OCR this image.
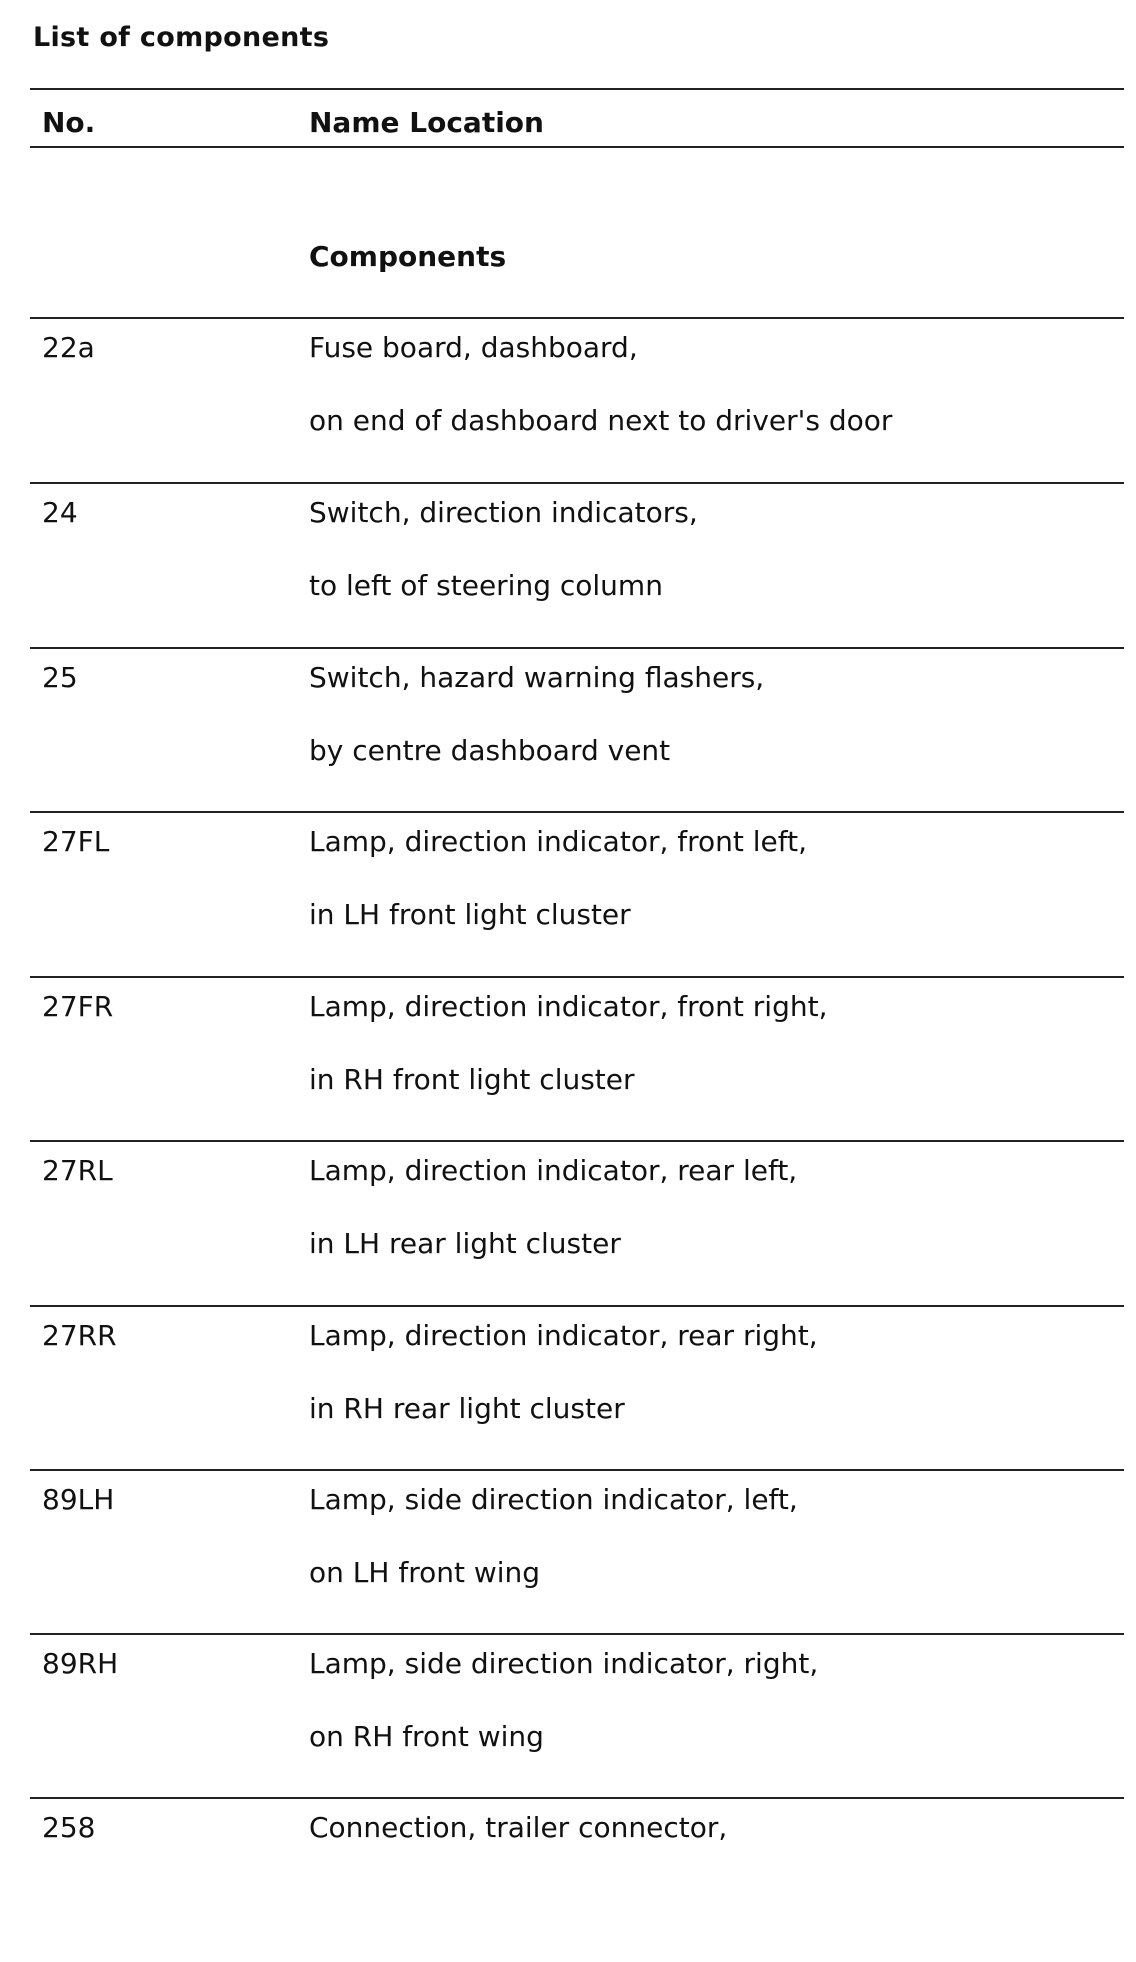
List of components
No.	Name Location
Components
22a	Fuse board, dashboard,
on end of dashboard next to driver's door
24	Switch, direction indicators,
to left of steering column
25	Switch, hazard warning flashers,
by centre dashboard vent
27FL	Lamp, direction indicator, front left,
in LH front light cluster
27FR	Lamp, direction indicator, front right,
in RH front light cluster
27RL	Lamp, direction indicator, rear left,
in LH rear light cluster
27RR	Lamp, direction indicator, rear right,
in RH rear light cluster
89LH	Lamp, side direction indicator, left,
on LH front wing
89RH	Lamp, side direction indicator, right,
on RH front wing
258	Connection, trailer connector,
